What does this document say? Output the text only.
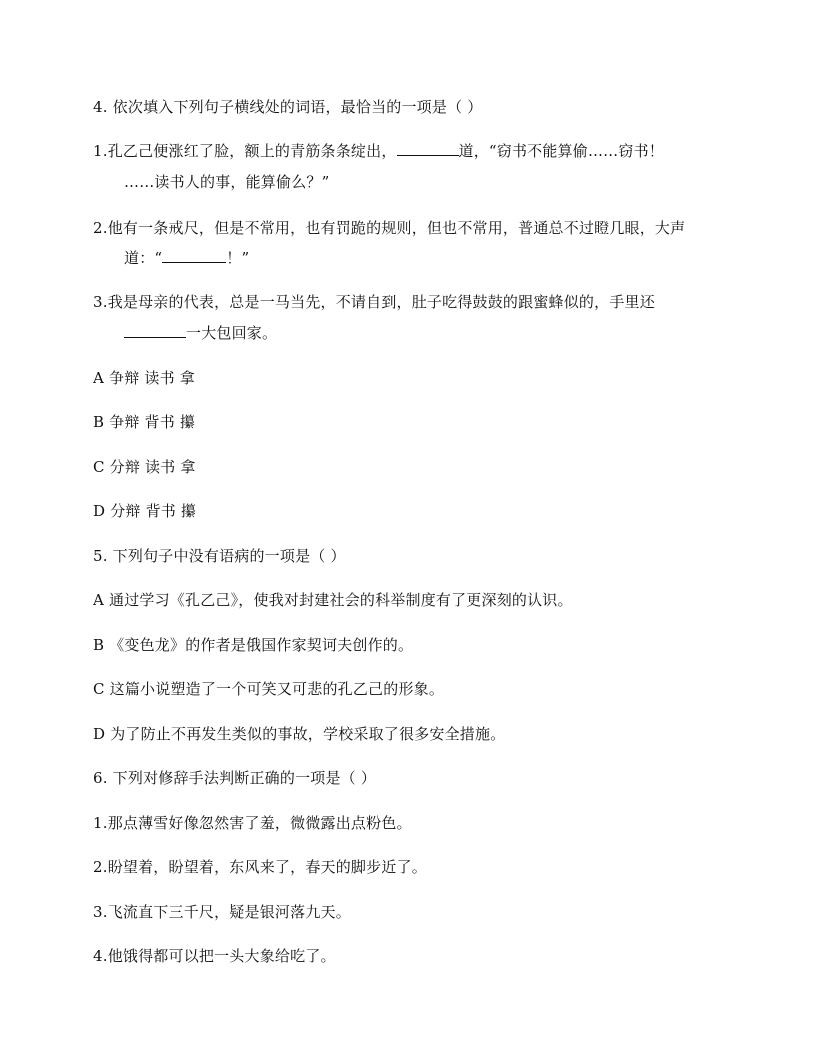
4. 依次填入下列句子横线处的词语，最恰当的一项是（ ）
1.孔乙己便涨红了脸，额上的青筋条条绽出，	道，“窃书不能算偷……窃书！
……读书人的事，能算偷么？”
2.他有一条戒尺，但是不常用，也有罚跪的规则，但也不常用，普通总不过瞪几眼，大声
道：“	！”
3.我是母亲的代表，总是一马当先，不请自到，肚子吃得鼓鼓的跟蜜蜂似的，手里还
一大包回家。
A 争辩 读书 拿
B 争辩 背书 攥
C 分辩 读书 拿
D 分辩 背书 攥
5. 下列句子中没有语病的一项是（ ）
A 通过学习《孔乙己》，使我对封建社会的科举制度有了更深刻的认识。
B 《变色龙》的作者是俄国作家契诃夫创作的。
C 这篇小说塑造了一个可笑又可悲的孔乙己的形象。
D 为了防止不再发生类似的事故，学校采取了很多安全措施。
6. 下列对修辞手法判断正确的一项是（ ）
1.那点薄雪好像忽然害了羞，微微露出点粉色。
2.盼望着，盼望着，东风来了，春天的脚步近了。
3.飞流直下三千尺，疑是银河落九天。
4.他饿得都可以把一头大象给吃了。
